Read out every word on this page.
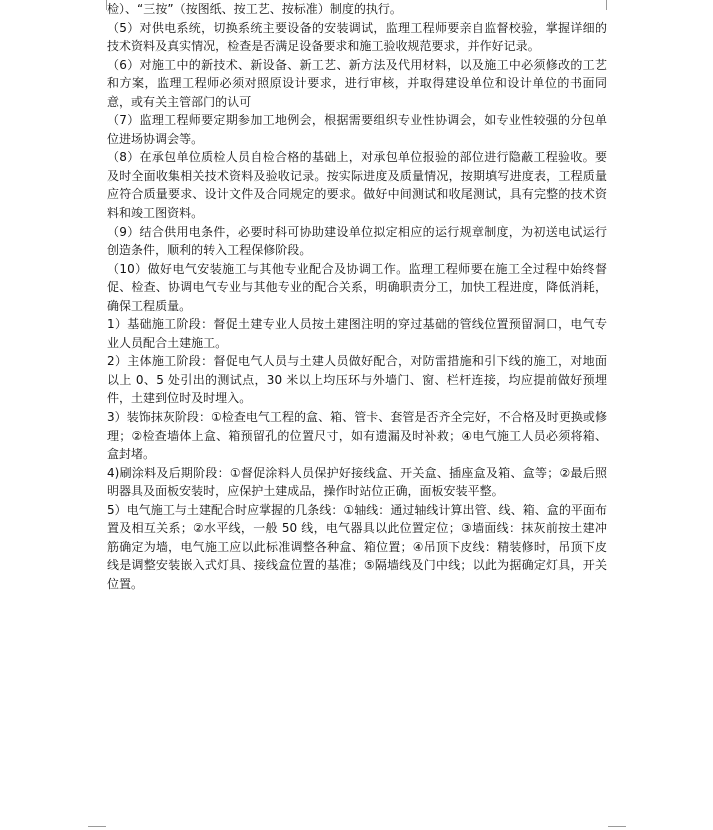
检）、“三按”（按图纸、按工艺、按标准）制度的执行。

（5）对供电系统，切换系统主要设备的安装调试，监理工程师要亲自监督校验，掌握详细的技术资料及真实情况，检查是否满足设备要求和施工验收规范要求，并作好记录。

（6）对施工中的新技术、新设备、新工艺、新方法及代用材料，以及施工中必须修改的工艺和方案，监理工程师必须对照原设计要求，进行审核，并取得建设单位和设计单位的书面同意，或有关主管部门的认可

（7）监理工程师要定期参加工地例会，根据需要组织专业性协调会，如专业性较强的分包单位进场协调会等。

（8）在承包单位质检人员自检合格的基础上，对承包单位报验的部位进行隐蔽工程验收。要及时全面收集相关技术资料及验收记录。按实际进度及质量情况，按期填写进度表，工程质量应符合质量要求、设计文件及合同规定的要求。做好中间测试和收尾测试，具有完整的技术资料和竣工图资料。

（9）结合供用电条件，必要时科可协助建设单位拟定相应的运行规章制度，为初送电试运行创造条件，顺利的转入工程保修阶段。

（10）做好电气安装施工与其他专业配合及协调工作。监理工程师要在施工全过程中始终督促、检查、协调电气专业与其他专业的配合关系，明确职责分工，加快工程进度，降低消耗，确保工程质量。

1）基础施工阶段：督促土建专业人员按土建图注明的穿过基础的管线位置预留洞口，电气专业人员配合土建施工。

2）主体施工阶段：督促电气人员与土建人员做好配合，对防雷措施和引下线的施工，对地面以上 0、5 处引出的测试点，30 米以上均压环与外墙门、窗、栏杆连接，均应提前做好预埋件，土建到位时及时埋入。

3）装饰抹灰阶段：①检查电气工程的盒、箱、管卡、套管是否齐全完好，不合格及时更换或修理；②检查墙体上盒、箱预留孔的位置尺寸，如有遗漏及时补救；④电气施工人员必须将箱、盒封堵。

4)刷涂料及后期阶段：①督促涂料人员保护好接线盒、开关盒、插座盒及箱、盒等；②最后照明器具及面板安装时，应保护土建成品，操作时站位正确，面板安装平整。

5）电气施工与土建配合时应掌握的几条线：①轴线：通过轴线计算出管、线、箱、盒的平面布置及相互关系；②水平线，一般 50 线，电气器具以此位置定位；③墙面线：抹灰前按土建冲筋确定为墙，电气施工应以此标准调整各种盒、箱位置；④吊顶下皮线：精装修时，吊顶下皮线是调整安装嵌入式灯具、接线盒位置的基准；⑤隔墙线及门中线；以此为据确定灯具，开关位置。
